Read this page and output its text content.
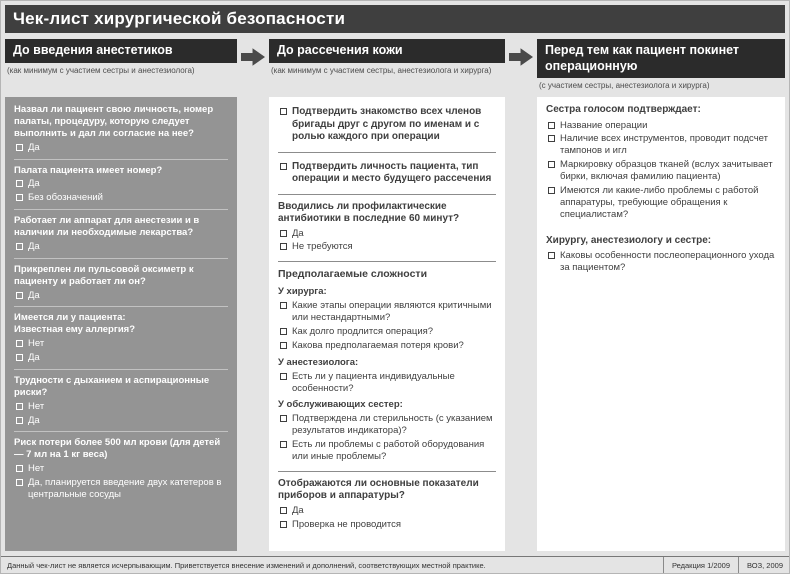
Чек-лист хирургической безопасности
До введения анестетиков
(как минимум с участием сестры и анестезиолога)
Назвал ли пациент свою личность, номер палаты, процедуру, которую следует выполнить и дал ли согласие на нее?
Да
Палата пациента имеет номер?
Да
Без обозначений
Работает ли аппарат для анестезии и в наличии ли необходимые лекарства?
Да
Прикреплен ли пульсовой оксиметр к пациенту и работает ли он?
Да
Имеется ли у пациента:
Известная ему аллергия?
Нет
Да
Трудности с дыханием и аспирационные риски?
Нет
Да
Риск потери более 500 мл крови (для детей — 7 мл на 1 кг веса)
Нет
Да, планируется введение двух катетеров в центральные сосуды
До рассечения кожи
(как минимум с участием сестры, анестезиолога и хирурга)
Подтвердить знакомство всех членов бригады друг с другом по именам и с ролью каждого при операции
Подтвердить личность пациента, тип операции и место будущего рассечения
Вводились ли профилактические антибиотики в последние 60 минут?
Да
Не требуются
Предполагаемые сложности
У хирурга:
Какие этапы операции являются критичными или нестандартными?
Как долго продлится операция?
Какова предполагаемая потеря крови?
У анестезиолога:
Есть ли у пациента индивидуальные особенности?
У обслуживающих сестер:
Подтверждена ли стерильность (с указанием результатов индикатора)?
Есть ли проблемы с работой оборудования или иные проблемы?
Отображаются ли основные показатели приборов и аппаратуры?
Да
Проверка не проводится
Перед тем как пациент покинет операционную
(с участием сестры, анестезиолога и хирурга)
Сестра голосом подтверждает:
Название операции
Наличие всех инструментов, проводит подсчет тампонов и игл
Маркировку образцов тканей (вслух зачитывает бирки, включая фамилию пациента)
Имеются ли какие-либо проблемы с работой аппаратуры, требующие обращения к специалистам?
Хирургу, анестезиологу и сестре:
Каковы особенности послеоперационного ухода за пациентом?
Данный чек-лист не является исчерпывающим. Приветствуется внесение изменений и дополнений, соответствующих местной практике.	Редакция 1/2009 ВОЗ, 2009
